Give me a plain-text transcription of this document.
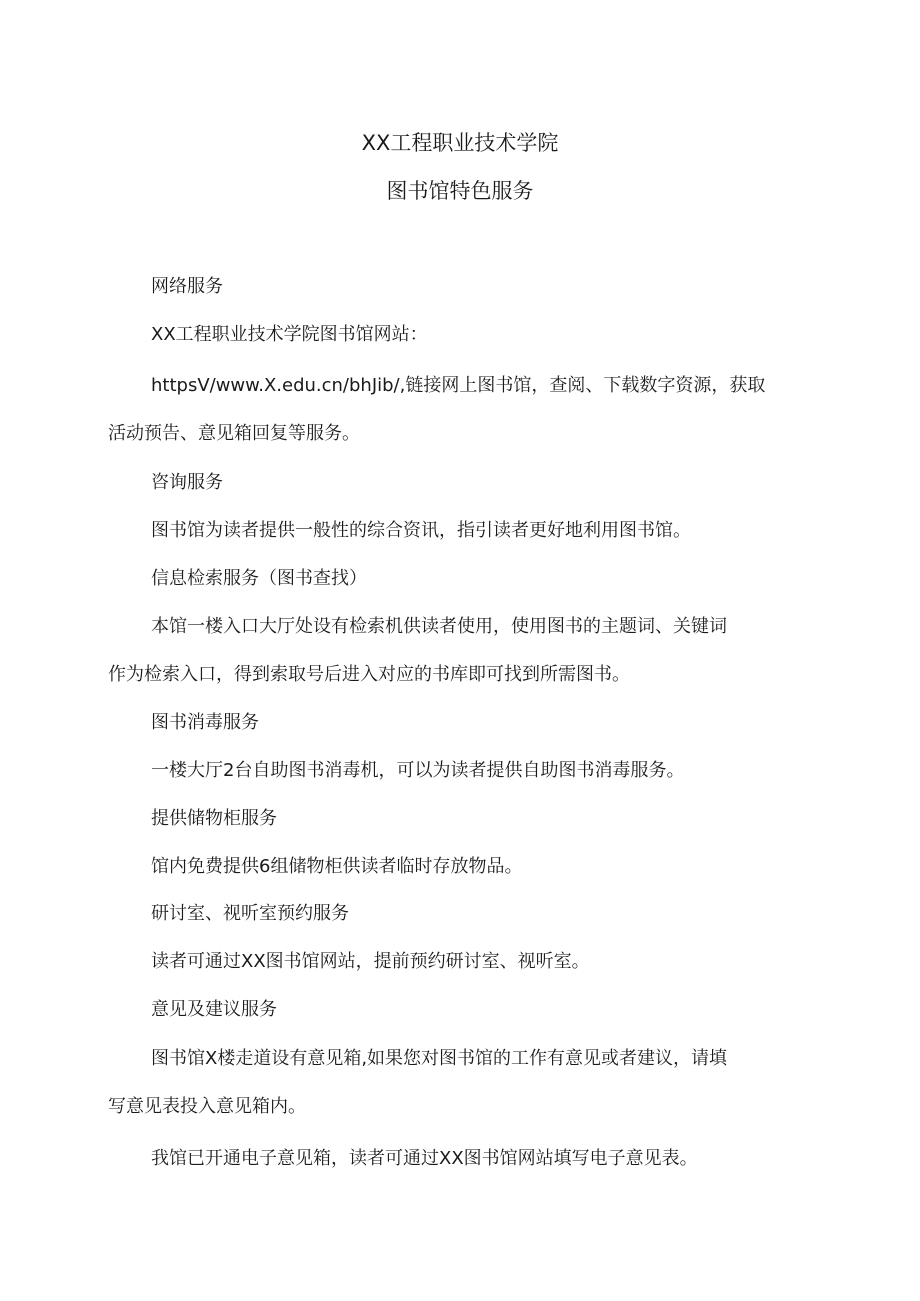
XX工程职业技术学院
图书馆特色服务
网络服务
XX工程职业技术学院图书馆网站：
httpsV/www.X.edu.cn/bhJib/,链接网上图书馆，查阅、下载数字资源，获取
活动预告、意见箱回复等服务。
咨询服务
图书馆为读者提供一般性的综合资讯，指引读者更好地利用图书馆。
信息检索服务（图书查找）
本馆一楼入口大厅处设有检索机供读者使用，使用图书的主题词、关键词
作为检索入口，得到索取号后进入对应的书库即可找到所需图书。
图书消毒服务
一楼大厅2台自助图书消毒机，可以为读者提供自助图书消毒服务。
提供储物柜服务
馆内免费提供6组储物柜供读者临时存放物品。
研讨室、视听室预约服务
读者可通过XX图书馆网站，提前预约研讨室、视听室。
意见及建议服务
图书馆X楼走道设有意见箱,如果您对图书馆的工作有意见或者建议，请填
写意见表投入意见箱内。
我馆已开通电子意见箱，读者可通过XX图书馆网站填写电子意见表。
